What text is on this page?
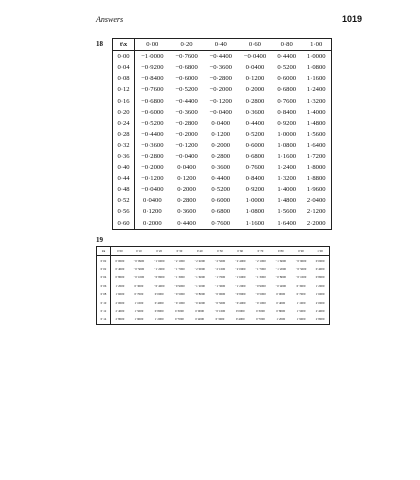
Answers	1019
18	t\x	0·00	0·20	0·40	0·60	0·80	1·00
0·00	−1·0000	−0·7600	−0·4400	−0·0400	0·4400	1·0000
0·04	−0·9200	−0·6800	−0·3600	0·0400	0·5200	1·0800
0·08	−0·8400	−0·6000	−0·2800	0·1200	0·6000	1·1600
0·12	−0·7600	−0·5200	−0·2000	0·2000	0·6800	1·2400
0·16	−0·6800	−0·4400	−0·1200	0·2800	0·7600	1·3200
0·20	−0·6000	−0·3600	−0·0400	0·3600	0·8400	1·4000
0·24	−0·5200	−0·2800	0·0400	0·4400	0·9200	1·4800
0·28	−0·4400	−0·2000	0·1200	0·5200	1·0000	1·5600
0·32	−0·3600	−0·1200	0·2000	0·6000	1·0800	1·6400
0·36	−0·2800	−0·0400	0·2800	0·6800	1·1600	1·7200
0·40	−0·2000	0·0400	0·3600	0·7600	1·2400	1·8000
0·44	−0·1200	0·1200	0·4400	0·8400	1·3200	1·8800
0·48	−0·0400	0·2000	0·5200	0·9200	1·4000	1·9600
0·52	0·0400	0·2800	0·6000	1·0000	1·4800	2·0400
0·56	0·1200	0·3600	0·6800	1·0800	1·5600	2·1200
0·60	0·2000	0·4400	0·7600	1·1600	1·6400	2·2000
19
t\x	0·00	0·10	0·20	0·30	0·40	0·50	0·60	0·70	0·80	0·90	1·00
0·02	0·0000	−0·9900	−1·6000	−2·1000	−2·4000	−2·5000	−2·4000	−2·1000	−1·6000	−0·9000	0·0000
0·02	0·4000	−0·5000	−1·2000	−1·7000	−2·0000	−2·1000	−2·0000	−1·7000	−1·2000	−0·5000	0·4000
0·04	0·8000	−0·1000	−0·8000	−1·3000	−1·6000	−1·7000	−1·6000	−1·3000	−0·8000	−0·1000	0·8000
0·06	1·2000	0·3000	−0·4000	−0·9000	−1·2000	−1·3000	−1·2000	−0·9000	−0·4000	0·3000	1·2000
0·08	1·6000	0·7000	0·0000	−0·5000	−0·8000	−0·9000	−0·8000	−0·5000	0·0000	0·7000	1·6000
0·10	2·0000	1·1000	0·4000	−0·1000	−0·4000	−0·5000	−0·4000	−0·1000	0·4000	1·1000	2·0000
0·12	2·4000	1·5000	0·8000	0·3000	0·0000	−0·1000	0·0000	0·3000	0·8000	1·5000	2·4000
0·14	2·8000	1·9000	1·2000	0·7000	0·4000	0·3000	0·4000	0·7000	1·2000	1·9000	2·8000
